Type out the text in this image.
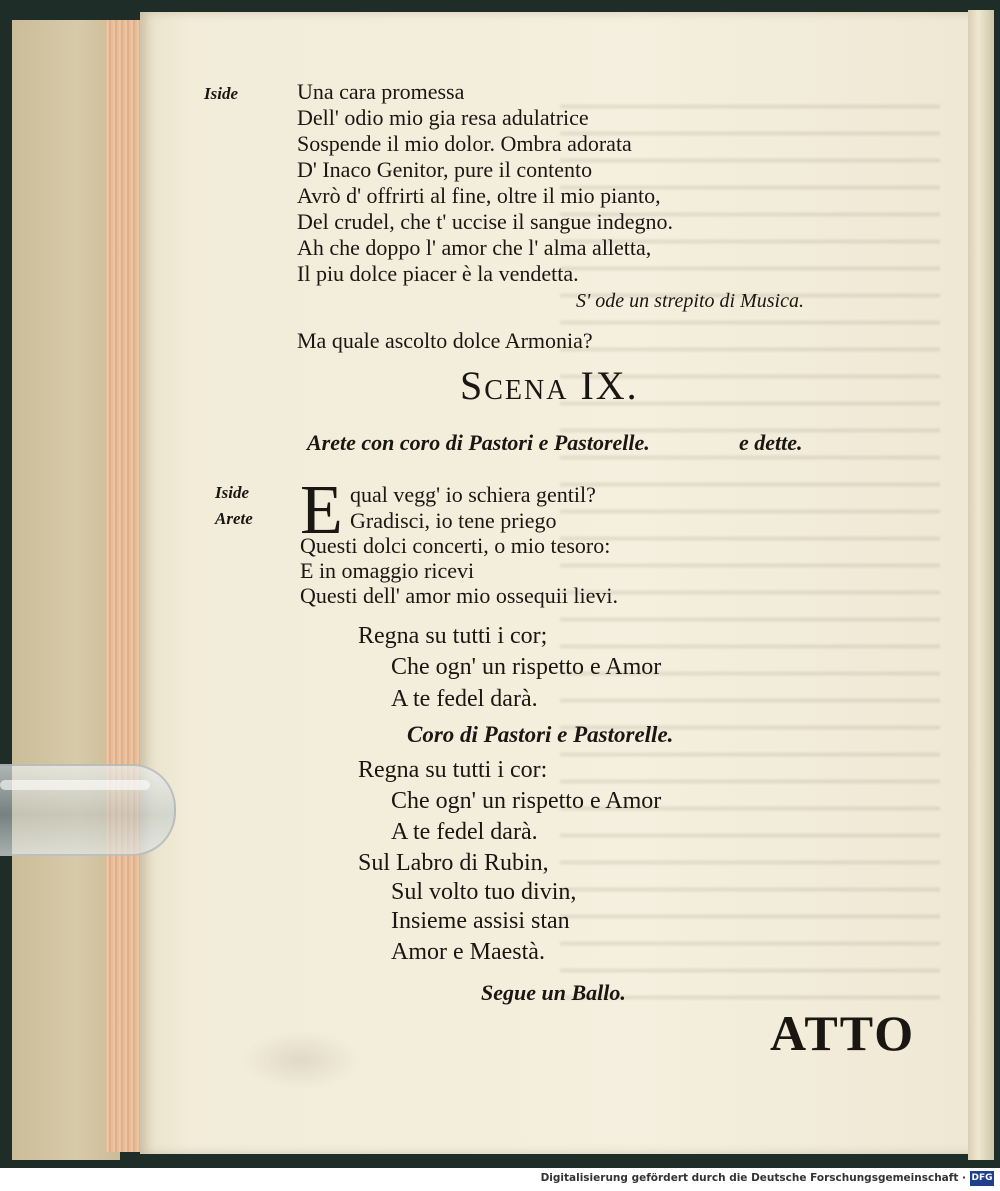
Iside	Una cara promessa
Dell' odio mio gia resa adulatrice
Sospende il mio dolor. Ombra adorata
D' Inaco Genitor, pure il contento
Avrò d' offrirti al fine, oltre il mio pianto,
Del crudel, che t' uccise il sangue indegno.
Ah che doppo l' amor che l' alma alletta,
Il piu dolce piacer è la vendetta.
S' ode un strepito di Musica.
Ma quale ascolto dolce Armonia?
Scena IX.
Arete con coro di Pastori e Pastorelle.	e dette.
Iside
Arete E qual vegg' io schiera gentil?
Gradisci, io tene priego
Questi dolci concerti, o mio tesoro:
E in omaggio ricevi
Questi dell' amor mio ossequii lievi.
Regna su tutti i cor;
Che ogn' un rispetto e Amor
A te fedel darà.
Coro di Pastori e Pastorelle.
Regna su tutti i cor:
Che ogn' un rispetto e Amor
A te fedel darà.
Sul Labro di Rubin,
Sul volto tuo divin,
Insieme assisi stan
Amor e Maestà.
Segue un Ballo.
ATTO
Digitalisierung gefördert durch die Deutsche Forschungsgemeinschaft · DFG
